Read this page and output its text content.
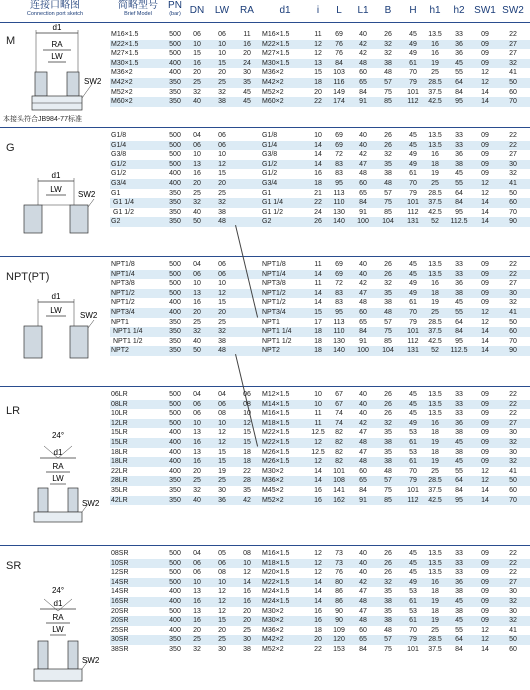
连接口略图
Connection port sketch
简略型号
Brief Model
PN
(bar) DN	LW	RA	d1	i	L	L1	B	H	h1	h2 SW1 SW2
M16×1.5	500	06	06	11	M16×1.5	11	69	40	26	45	13.5	33	09	22
M22×1.5	500	10	10	16	M22×1.5	12	76	42	32	49	16	36	09	27
M27×1.5	500	15	10	20	M27×1.5	12	76	42	32	49	16	36	09	27
M30×1.5	400	16	15	24	M30×1.5	13	84	48	38	61	19	45	09	32
M36×2	400	20	20	30	M36×2	15	103	60	48	70	25	55	12	41
M42×2	350	25	25	35	M42×2	18	116	65	57	79	28.5	64	12	50
M52×2	350	32	32	45	M52×2	20	149	84	75	101	37.5	84	14	60
M60×2	350	40	38	45	M60×2	22	174	91	85	112	42.5	95	14	70
G1/8	500	04	06	G1/8	10	69	40	26	45	13.5	33	09	22
G1/4	500	06	06	G1/4	14	69	40	26	45	13.5	33	09	22
G3/8	500	10	10	G3/8	14	72	42	32	49	16	36	09	27
G1/2	500	13	12	G1/2	14	83	47	35	49	18	38	09	30
G1/2	400	16	15	G1/2	16	83	48	38	61	19	45	09	32
G3/4	400	20	20	G3/4	18	95	60	48	70	25	55	12	41
G1	350	25	25	G1	21	113	65	57	79	28.5	64	12	50
G1 1/4	350	32	32	G1 1/4	22	110	84	75	101	37.5	84	14	60
G1 1/2	350	40	38	G1 1/2	24	130	91	85	112	42.5	95	14	70
G2	350	50	48	G2	26	140	100	104	131	52	112.5	14	90
NPT1/8	500	04	06	NPT1/8	11	69	40	26	45	13.5	33	09	22
NPT1/4	500	06	06	NPT1/4	14	69	40	26	45	13.5	33	09	22
NPT3/8	500	10	10	NPT3/8	11	72	42	32	49	16	36	09	27
NPT1/2	500	13	12	NPT1/2	14	83	47	35	49	18	38	09	30
NPT1/2	400	16	15	NPT1/2	14	83	48	38	61	19	45	09	32
NPT3/4	400	20	20	NPT3/4	15	95	60	48	70	25	55	12	41
NPT1	350	25	25	NPT1	17	113	65	57	79	28.5	64	12	50
NPT1 1/4	350	32	32	NPT1 1/4	18	110	84	75	101	37.5	84	14	60
NPT1 1/2	350	40	38	NPT1 1/2	18	130	91	85	112	42.5	95	14	70
NPT2	350	50	48	NPT2	18	140	100	104	131	52	112.5	14	90
06LR	500	04	04	06	M12×1.5	10	67	40	26	45	13.5	33	09	22
08LR	500	06	06	08	M14×1.5	10	67	40	26	45	13.5	33	09	22
10LR	500	06	08	10	M16×1.5	11	74	40	26	45	13.5	33	09	22
12LR	500	10	10	12	M18×1.5	11	74	42	32	49	16	36	09	27
15LR	400	13	12	15	M22×1.5	12.5	82	47	35	53	18	38	09	30
15LR	400	16	12	15	M22×1.5	12	82	48	38	61	19	45	09	32
18LR	400	13	15	18	M26×1.5	12.5	82	47	35	53	18	38	09	30
18LR	400	16	15	18	M26×1.5	12	82	48	38	61	19	45	09	32
22LR	400	20	19	22	M30×2	14	101	60	48	70	25	55	12	41
28LR	350	25	25	28	M36×2	14	108	65	57	79	28.5	64	12	50
35LR	350	32	30	35	M45×2	16	141	84	75	101	37.5	84	14	60
42LR	350	40	36	42	M52×2	16	162	91	85	112	42.5	95	14	70
08SR	500	04	05	08	M16×1.5	12	73	40	26	45	13.5	33	09	22
10SR	500	06	06	10	M18×1.5	12	73	40	26	45	13.5	33	09	22
12SR	500	06	08	12	M20×1.5	12	76	40	26	45	13.5	33	09	22
14SR	500	10	10	14	M22×1.5	14	80	42	32	49	16	36	09	27
14SR	400	13	12	16	M24×1.5	14	86	47	35	53	18	38	09	30
16SR	400	16	12	16	M24×1.5	14	86	48	38	61	19	45	09	32
20SR	500	13	12	20	M30×2	16	90	47	35	53	18	38	09	30
20SR	400	16	15	20	M30×2	16	90	48	38	61	19	45	09	32
25SR	400	20	20	25	M36×2	18	109	60	48	70	25	55	12	41
30SR	350	25	25	30	M42×2	20	120	65	57	79	28.5	64	12	50
38SR	350	32	30	38	M52×2	22	153	84	75	101	37.5	84	14	60
M
G
NPT(PT)
LR
SR
本接头符合JB984-77标准
d1
RA
LW
SW2
d1
LW
SW2
d1
LW
SW2
24°
d1
RA
LW
SW2
24°
d1
RA
LW
SW2
